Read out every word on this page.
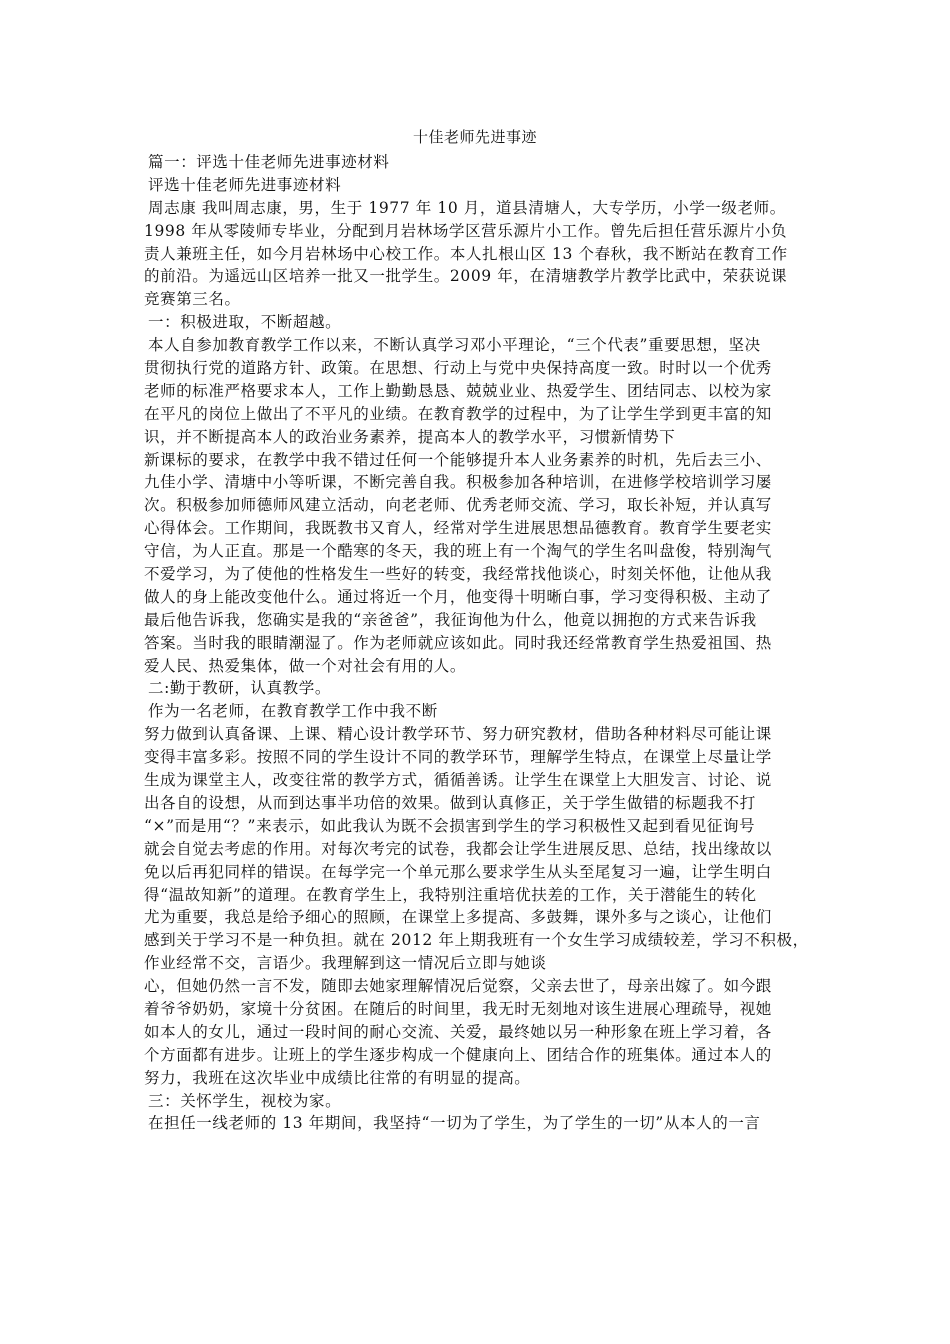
十佳老师先进事迹
篇一：评选十佳老师先进事迹材料
评选十佳老师先进事迹材料
周志康 我叫周志康，男，生于 1977 年 10 月，道县清塘人，大专学历，小学一级老师。
1998 年从零陵师专毕业，分配到月岩林场学区营乐源片小工作。曾先后担任营乐源片小负
责人兼班主任，如今月岩林场中心校工作。本人扎根山区 13 个春秋，我不断站在教育工作
的前沿。为遥远山区培养一批又一批学生。2009 年，在清塘教学片教学比武中，荣获说课
竞赛第三名。
一：积极进取，不断超越。
本人自参加教育教学工作以来，不断认真学习邓小平理论，“三个代表”重要思想，坚决
贯彻执行党的道路方针、政策。在思想、行动上与党中央保持高度一致。时时以一个优秀
老师的标准严格要求本人，工作上勤勤恳恳、兢兢业业、热爱学生、团结同志、以校为家
在平凡的岗位上做出了不平凡的业绩。在教育教学的过程中，为了让学生学到更丰富的知
识，并不断提高本人的政治业务素养，提高本人的教学水平，习惯新情势下
新课标的要求，在教学中我不错过任何一个能够提升本人业务素养的时机，先后去三小、
九佳小学、清塘中小等听课，不断完善自我。积极参加各种培训，在进修学校培训学习屡
次。积极参加师德师风建立活动，向老老师、优秀老师交流、学习，取长补短，并认真写
心得体会。工作期间，我既教书又育人，经常对学生进展思想品德教育。教育学生要老实
守信，为人正直。那是一个酷寒的冬天，我的班上有一个淘气的学生名叫盘俊，特别淘气
不爱学习，为了使他的性格发生一些好的转变，我经常找他谈心，时刻关怀他，让他从我
做人的身上能改变他什么。通过将近一个月，他变得十明晰白事，学习变得积极、主动了
最后他告诉我，您确实是我的“亲爸爸”，我征询他为什么，他竟以拥抱的方式来告诉我
答案。当时我的眼睛潮湿了。作为老师就应该如此。同时我还经常教育学生热爱祖国、热
爱人民、热爱集体，做一个对社会有用的人。
二:勤于教研，认真教学。
作为一名老师，在教育教学工作中我不断
努力做到认真备课、上课、精心设计教学环节、努力研究教材，借助各种材料尽可能让课
变得丰富多彩。按照不同的学生设计不同的教学环节，理解学生特点，在课堂上尽量让学
生成为课堂主人，改变往常的教学方式，循循善诱。让学生在课堂上大胆发言、讨论、说
出各自的设想，从而到达事半功倍的效果。做到认真修正，关于学生做错的标题我不打
“×”而是用“？”来表示，如此我认为既不会损害到学生的学习积极性又起到看见征询号
就会自觉去考虑的作用。对每次考完的试卷，我都会让学生进展反思、总结，找出缘故以
免以后再犯同样的错误。在每学完一个单元那么要求学生从头至尾复习一遍，让学生明白
得“温故知新”的道理。在教育学生上，我特别注重培优扶差的工作，关于潜能生的转化
尤为重要，我总是给予细心的照顾，在课堂上多提高、多鼓舞，课外多与之谈心，让他们
感到关于学习不是一种负担。就在 2012 年上期我班有一个女生学习成绩较差，学习不积极，
作业经常不交，言语少。我理解到这一情况后立即与她谈
心，但她仍然一言不发，随即去她家理解情况后觉察，父亲去世了，母亲出嫁了。如今跟
着爷爷奶奶，家境十分贫困。在随后的时间里，我无时无刻地对该生进展心理疏导，视她
如本人的女儿，通过一段时间的耐心交流、关爱，最终她以另一种形象在班上学习着，各
个方面都有进步。让班上的学生逐步构成一个健康向上、团结合作的班集体。通过本人的
努力，我班在这次毕业中成绩比往常的有明显的提高。
三：关怀学生，视校为家。
在担任一线老师的 13 年期间，我坚持“一切为了学生，为了学生的一切”从本人的一言
